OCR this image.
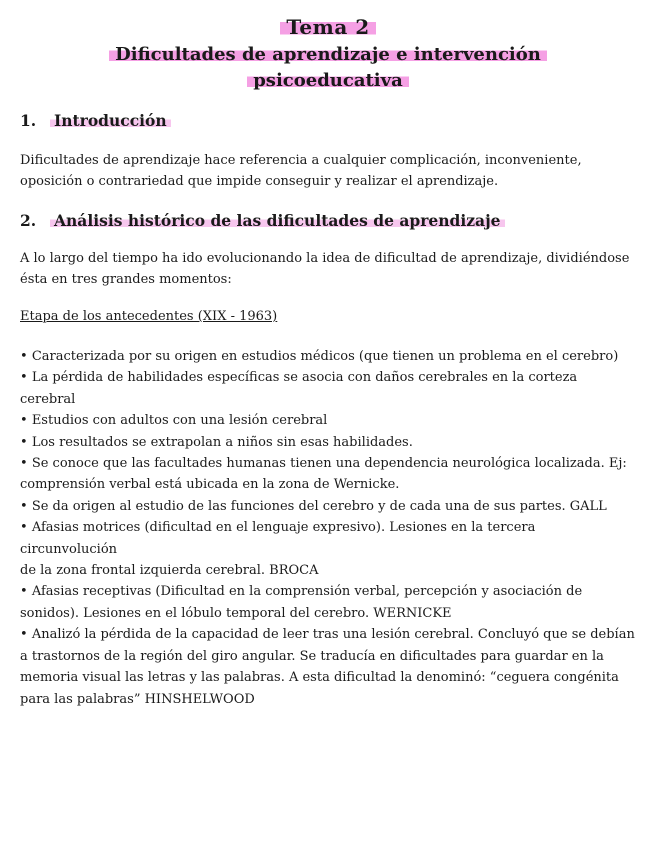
Tema 2
Dificultades de aprendizaje e intervención
psicoeducativa
1. Introducción

Dificultades de aprendizaje hace referencia a cualquier complicación, inconveniente, oposición o contrariedad que impide conseguir y realizar el aprendizaje.

2. Análisis histórico de las dificultades de aprendizaje

A lo largo del tiempo ha ido evolucionando la idea de dificultad de aprendizaje, dividiéndose ésta en tres grandes momentos:

Etapa de los antecedentes (XIX - 1963)
• Caracterizada por su origen en estudios médicos (que tienen un problema en el cerebro)
• La pérdida de habilidades específicas se asocia con daños cerebrales en la corteza cerebral
• Estudios con adultos con una lesión cerebral
• Los resultados se extrapolan a niños sin esas habilidades.
• Se conoce que las facultades humanas tienen una dependencia neurológica localizada. Ej: comprensión verbal está ubicada en la zona de Wernicke.
• Se da origen al estudio de las funciones del cerebro y de cada una de sus partes. GALL
• Afasias motrices (dificultad en el lenguaje expresivo). Lesiones en la tercera circunvolución
de la zona frontal izquierda cerebral. BROCA
• Afasias receptivas (Dificultad en la comprensión verbal, percepción y asociación de sonidos). Lesiones en el lóbulo temporal del cerebro. WERNICKE
• Analizó la pérdida de la capacidad de leer tras una lesión cerebral. Concluyó que se debían a trastornos de la región del giro angular. Se traducía en dificultades para guardar en la memoria visual las letras y las palabras. A esta dificultad la denominó: “ceguera congénita para las palabras” HINSHELWOOD
